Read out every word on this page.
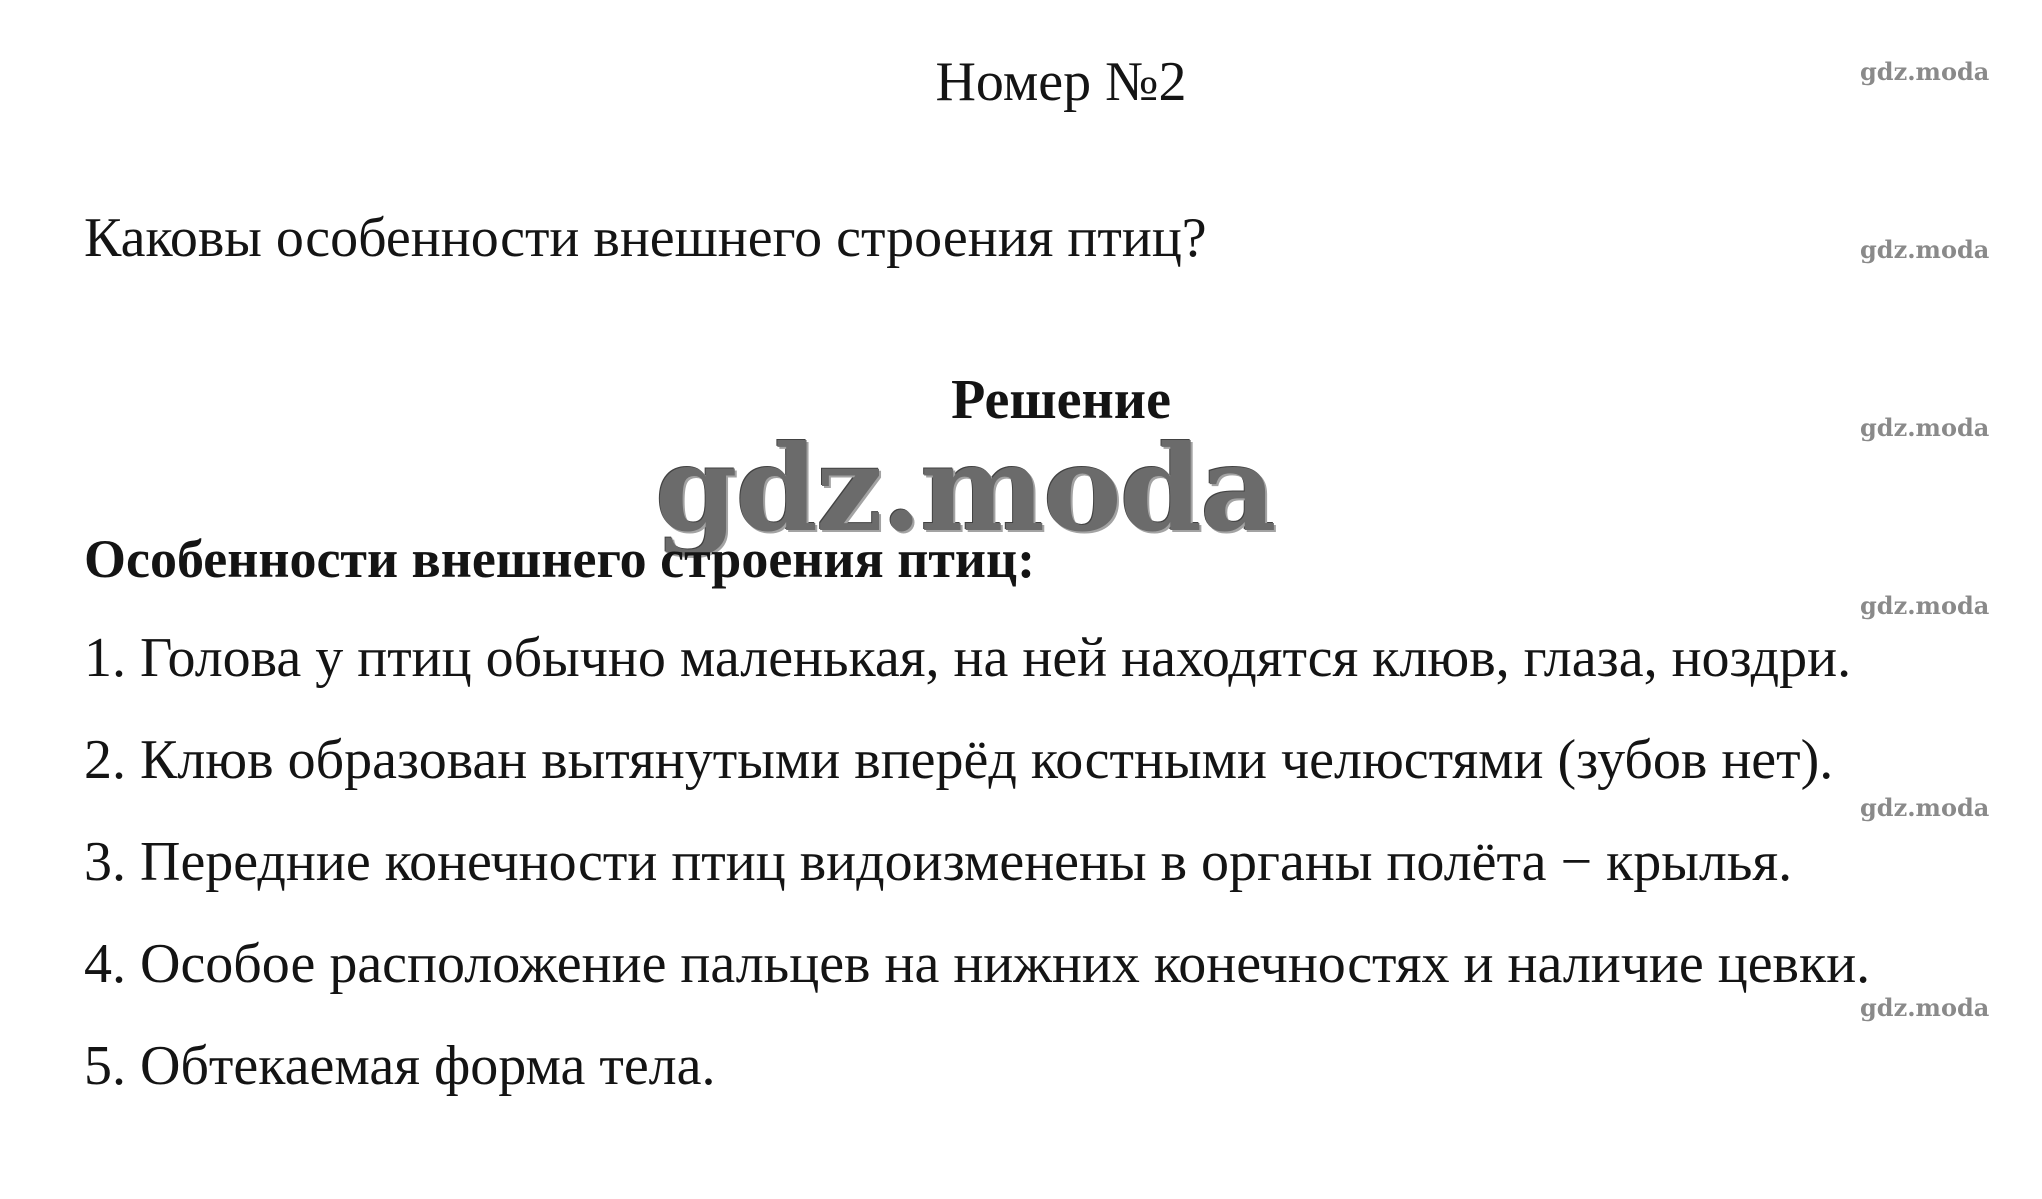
Номер №2

Каковы особенности внешнего строения птиц?

Решение
gdz.moda

Особенности внешнего строения птиц:

1. Голова у птиц обычно маленькая, на ней находятся клюв, глаза, ноздри.
2. Клюв образован вытянутыми вперёд костными челюстями (зубов нет).
3. Передние конечности птиц видоизменены в органы полёта − крылья.
4. Особое расположение пальцев на нижних конечностях и наличие цевки.
5. Обтекаемая форма тела.
gdz.moda
gdz.moda
gdz.moda
gdz.moda
gdz.moda
gdz.moda
